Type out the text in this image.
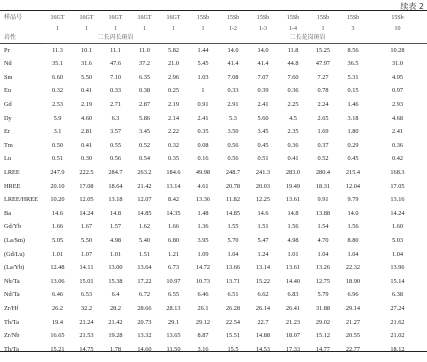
续表 2
样品号	16GT	16GT	16GT	16GT	16GT	15Sb	15Sb	15Sb	15Sb	15Sb	15Sb	15Sb	
	1	1	1	1	1	1	1-2	1-3	1-4	1	3	10	
岩性	二长闪长斑岩					二长花岗斑岩							
Pr	11.3	10.1	11.1	11.0	5.82	1.44	14.0	14.0	11.8	15.25	8.56	10.28	
Nd	35.1	31.6	47.6	37.2	21.0	5.45	41.4	41.4	44.8	47.97	36.5	31.0	
Sm	6.60	5.50	7.10	6.35	2.96	1.03	7.08	7.07	7.60	7.27	5.31	4.95	
Eu	0.32	0.41	0.33	0.38	0.25	1	0.33	0.39	0.36	0.78	0.15	0.97	
Gd	2.53	2.19	2.71	2.87	2.19	0.91	2.91	2.41	2.25	2.24	1.46	2.93	
Dy	5.9	4.60	6.3	5.86	2.14	2.41	5.3	5.60	4.5	2.65	3.18	4.68	
Er	3.1	2.81	3.57	3.45	2.22	0.35	3.50	3.45	2.35	1.69	1.80	2.41	
Tm	0.50	0.41	0.55	0.52	0.32	0.08	0.56	0.45	0.36	0.37	0.29	0.36	
Lu	0.51	0.30	0.56	0.54	0.35	0.16	0.56	0.51	0.41	0.52	0.45	0.42	
LREE	247.9	222.5	284.7	263.2	184.6	49.98	248.7	241.3	283.0	280.4	215.4	168.3	
HREE	20.10	17.08	18.64	21.42	13.14	4.61	20.78	20.03	19.49	18.31	12.04	17.05	
LREE/HREE	10.20	12.05	13.18	12.07	8.42	13.36	11.82	12.25	13.61	9.91	9.79	13.16	
Ba	14.6	14.24	14.8	14.85	14.35	1.48	14.85	14.6	14.8	13.88	14.0	14.24	
Gd/Yb	1.66	1.67	1.57	1.62	1.66	1.36	1.55	1.51	1.56	1.54	1.56	1.60	
(La/Sm)	5.05	5.50	4.98	5.40	6.80	3.95	5.70	5.47	4.98	4.70	8.80	5.03	
(Gd/Lu)	1.01	1.07	1.01	1.51	1.21	1.09	1.04	1.24	1.01	1.04	1.04	1.04	
(La/Yb)	12.48	14.11	13.00	13.64	6.73	14.72	13.66	13.14	13.61	13.26	22.32	13.96	
Nb/Ta	13.06	15.01	15.38	17.22	10.97	10.73	13.71	15.22	14.40	12.75	18.90	15.14	
Nd/Ta	6.46	6.53	6.4	6.72	6.55	6.46	6.51	6.62	6.83	5.79	6.96	6.38	
Zr/Hf	26.2	32.2	28.2	28.66	28.13	26.1	26.28	26.14	26.41	31.88	29.14	27.24	
Th/Ta	19.4	21.24	21.42	20.73	29.1	29.12	22.54	22.7	21.23	29.02	21.27	21.62	
Zr/Nb	16.65	21.53	19.28	13.32	13.65	8.87	15.51	14.88	18.07	15.12	20.55	21.02	
Th/Ta	15.21	14.75	1.78	14.60	11.50	3.16	15.5	14.53	17.33	14.77	22.77	18.12	
